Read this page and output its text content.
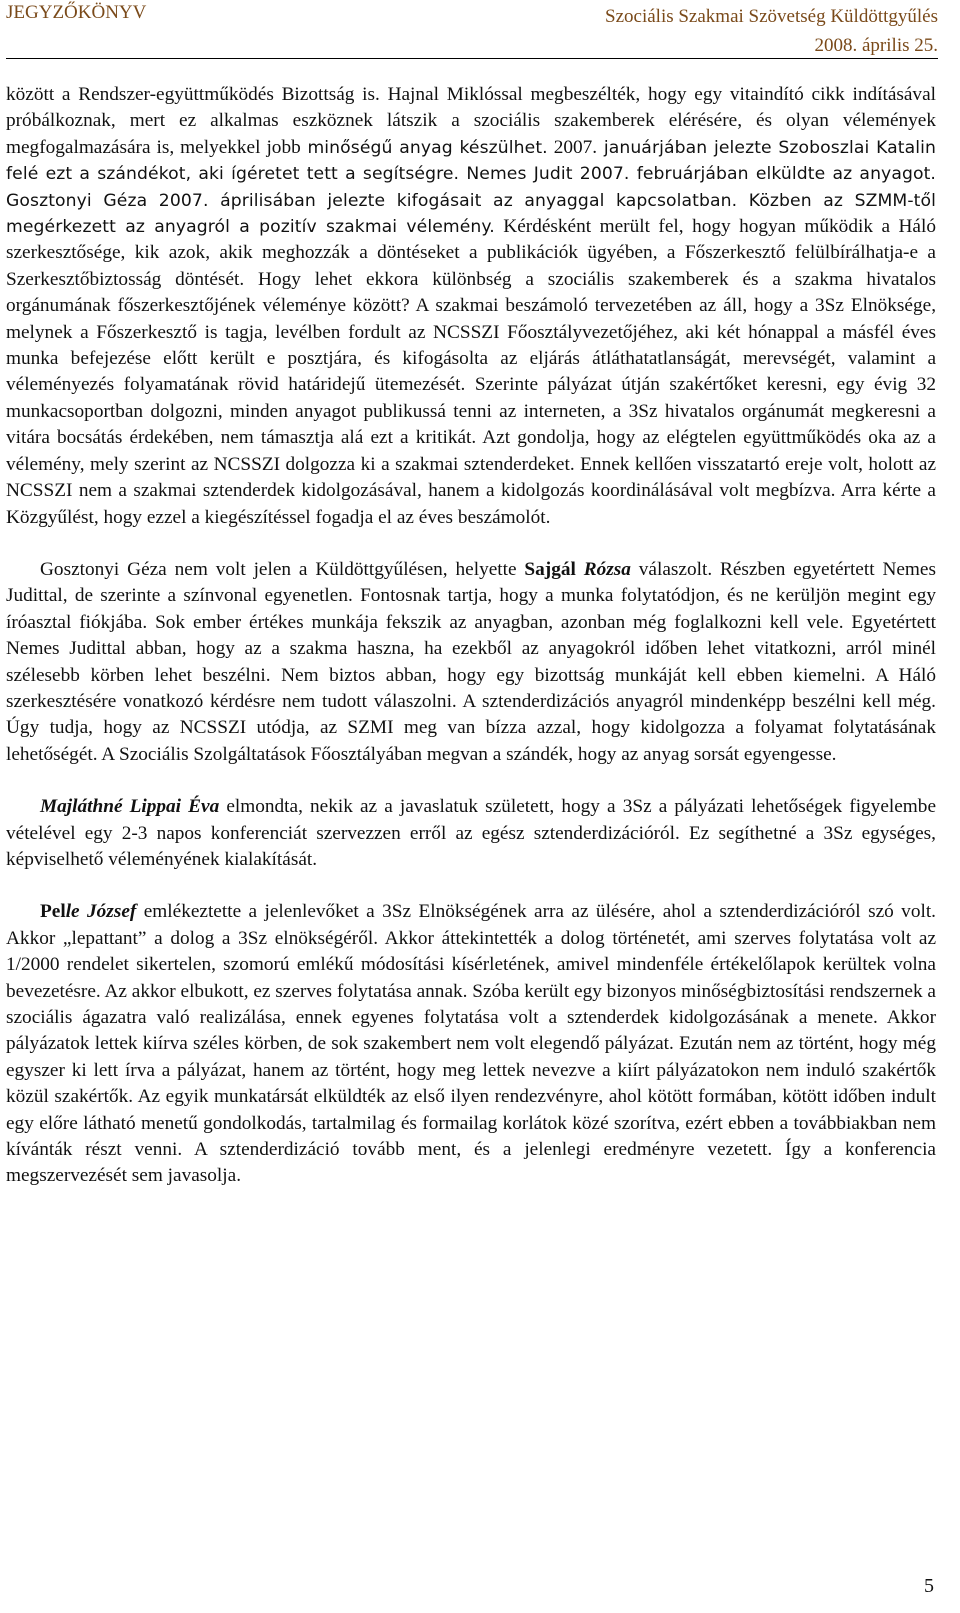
JEGYZŐKÖNYV	Szociális Szakmai Szövetség Küldöttgyűlés
2008. április 25.

között a Rendszer-együttműködés Bizottság is. Hajnal Miklóssal megbeszélték, hogy egy vitaindító cikk indításával próbálkoznak, mert ez alkalmas eszköznek látszik a szociális szakemberek elérésére, és olyan vélemények megfogalmazására is, melyekkel jobb minőségű anyag készülhet. 2007. januárjában jelezte Szoboszlai Katalin felé ezt a szándékot, aki ígéretet tett a segítségre. Nemes Judit 2007. februárjában elküldte az anyagot. Gosztonyi Géza 2007. áprilisában jelezte kifogásait az anyaggal kapcsolatban. Közben az SZMM-től megérkezett az anyagról a pozitív szakmai vélemény. Kérdésként merült fel, hogy hogyan működik a Háló szerkesztősége, kik azok, akik meghozzák a döntéseket a publikációk ügyében, a Főszerkesztő felülbírálhatja-e a Szerkesztőbiztosság döntését. Hogy lehet ekkora különbség a szociális szakemberek és a szakma hivatalos orgánumának főszerkesztőjének véleménye között? A szakmai beszámoló tervezetében az áll, hogy a 3Sz Elnöksége, melynek a Főszerkesztő is tagja, levélben fordult az NCSSZI Főosztályvezetőjéhez, aki két hónappal a másfél éves munka befejezése előtt került e posztjára, és kifogásolta az eljárás átláthatatlanságát, merevségét, valamint a véleményezés folyamatának rövid határidejű ütemezését. Szerinte pályázat útján szakértőket keresni, egy évig 32 munkacsoportban dolgozni, minden anyagot publikussá tenni az interneten, a 3Sz hivatalos orgánumát megkeresni a vitára bocsátás érdekében, nem támasztja alá ezt a kritikát. Azt gondolja, hogy az elégtelen együttműködés oka az a vélemény, mely szerint az NCSSZI dolgozza ki a szakmai sztenderdeket. Ennek kellően visszatartó ereje volt, holott az NCSSZI nem a szakmai sztenderdek kidolgozásával, hanem a kidolgozás koordinálásával volt megbízva. Arra kérte a Közgyűlést, hogy ezzel a kiegészítéssel fogadja el az éves beszámolót.

Gosztonyi Géza nem volt jelen a Küldöttgyűlésen, helyette Sajgál Rózsa válaszolt. Részben egyetértett Nemes Judittal, de szerinte a színvonal egyenetlen. Fontosnak tartja, hogy a munka folytatódjon, és ne kerüljön megint egy íróasztal fiókjába. Sok ember értékes munkája fekszik az anyagban, azonban még foglalkozni kell vele. Egyetértett Nemes Judittal abban, hogy az a szakma haszna, ha ezekből az anyagokról időben lehet vitatkozni, arról minél szélesebb körben lehet beszélni. Nem biztos abban, hogy egy bizottság munkáját kell ebben kiemelni. A Háló szerkesztésére vonatkozó kérdésre nem tudott válaszolni. A sztenderdizációs anyagról mindenképp beszélni kell még. Úgy tudja, hogy az NCSSZI utódja, az SZMI meg van bízza azzal, hogy kidolgozza a folyamat folytatásának lehetőségét. A Szociális Szolgáltatások Főosztályában megvan a szándék, hogy az anyag sorsát egyengesse.

Majláthné Lippai Éva elmondta, nekik az a javaslatuk született, hogy a 3Sz a pályázati lehetőségek figyelembe vételével egy 2-3 napos konferenciát szervezzen erről az egész sztenderdizációról. Ez segíthetné a 3Sz egységes, képviselhető véleményének kialakítását.

Pelle József emlékeztette a jelenlevőket a 3Sz Elnökségének arra az ülésére, ahol a sztenderdizációról szó volt. Akkor „lepattant” a dolog a 3Sz elnökségéről. Akkor áttekintették a dolog történetét, ami szerves folytatása volt az 1/2000 rendelet sikertelen, szomorú emlékű módosítási kísérletének, amivel mindenféle értékelőlapok kerültek volna bevezetésre. Az akkor elbukott, ez szerves folytatása annak. Szóba került egy bizonyos minőségbiztosítási rendszernek a szociális ágazatra való realizálása, ennek egyenes folytatása volt a sztenderdek kidolgozásának a menete. Akkor pályázatok lettek kiírva széles körben, de sok szakembert nem volt elegendő pályázat. Ezután nem az történt, hogy még egyszer ki lett írva a pályázat, hanem az történt, hogy meg lettek nevezve a kiírt pályázatokon nem induló szakértők közül szakértők. Az egyik munkatársát elküldték az első ilyen rendezvényre, ahol kötött formában, kötött időben indult egy előre látható menetű gondolkodás, tartalmilag és formailag korlátok közé szorítva, ezért ebben a továbbiakban nem kívánták részt venni. A sztenderdizáció tovább ment, és a jelenlegi eredményre vezetett. Így a konferencia megszervezését sem javasolja.

5
